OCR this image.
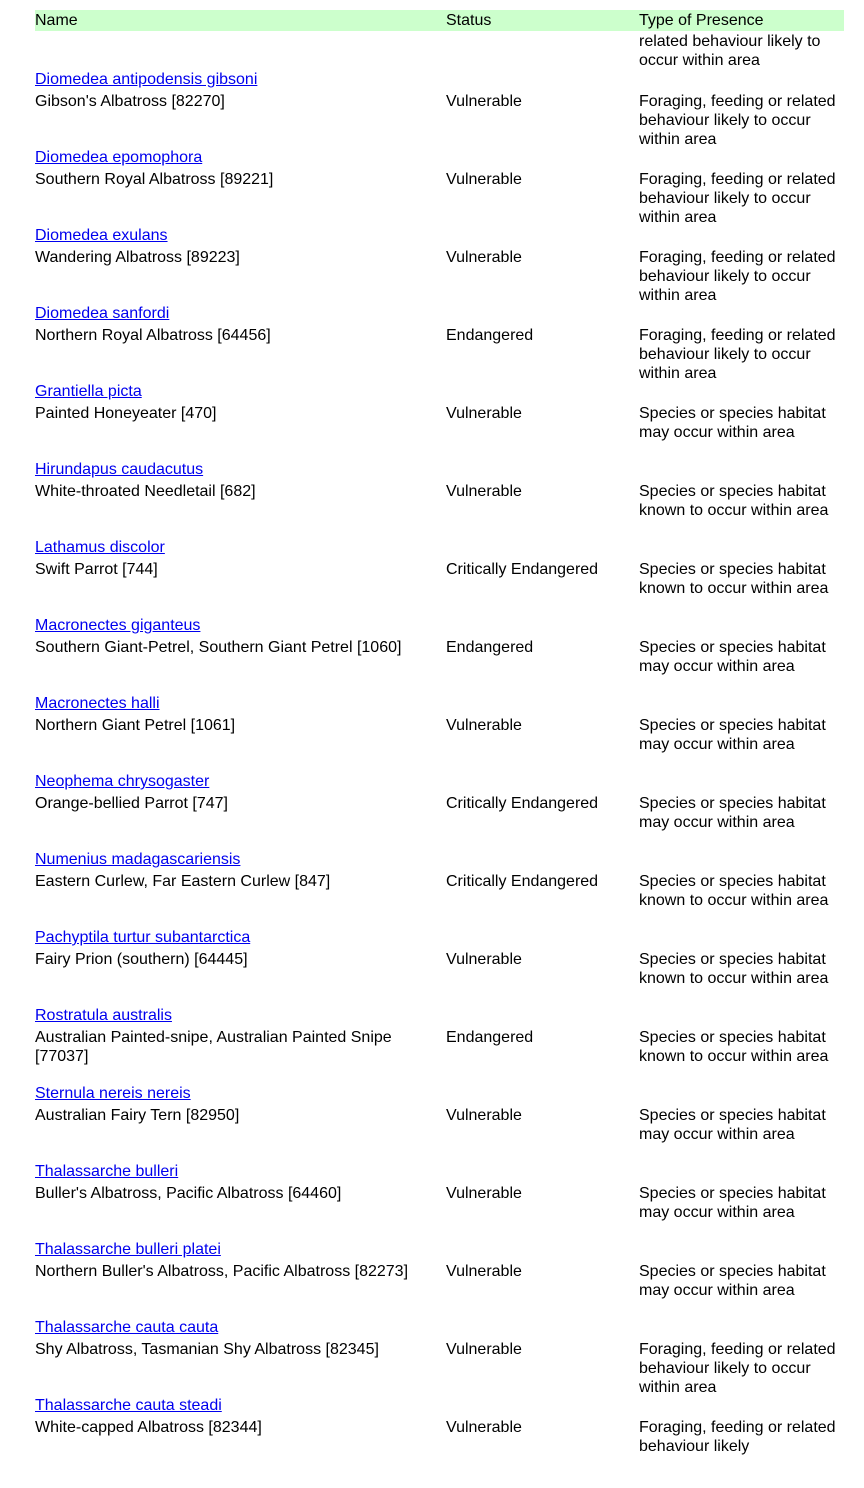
Name	Status	Type of Presence
related behaviour likely to occur within area
Diomedea antipodensis gibsoni
Gibson's Albatross [82270]	Vulnerable	Foraging, feeding or related behaviour likely to occur within area
Diomedea epomophora
Southern Royal Albatross [89221]	Vulnerable	Foraging, feeding or related behaviour likely to occur within area
Diomedea exulans
Wandering Albatross [89223]	Vulnerable	Foraging, feeding or related behaviour likely to occur within area
Diomedea sanfordi
Northern Royal Albatross [64456]	Endangered	Foraging, feeding or related behaviour likely to occur within area
Grantiella picta
Painted Honeyeater [470]	Vulnerable	Species or species habitat may occur within area
Hirundapus caudacutus
White-throated Needletail [682]	Vulnerable	Species or species habitat known to occur within area
Lathamus discolor
Swift Parrot [744]	Critically Endangered	Species or species habitat known to occur within area
Macronectes giganteus
Southern Giant-Petrel, Southern Giant Petrel [1060]	Endangered	Species or species habitat may occur within area
Macronectes halli
Northern Giant Petrel [1061]	Vulnerable	Species or species habitat may occur within area
Neophema chrysogaster
Orange-bellied Parrot [747]	Critically Endangered	Species or species habitat may occur within area
Numenius madagascariensis
Eastern Curlew, Far Eastern Curlew [847]	Critically Endangered	Species or species habitat known to occur within area
Pachyptila turtur subantarctica
Fairy Prion (southern) [64445]	Vulnerable	Species or species habitat known to occur within area
Rostratula australis
Australian Painted-snipe, Australian Painted Snipe [77037]
Endangered	Species or species habitat known to occur within area
Sternula nereis nereis
Australian Fairy Tern [82950]	Vulnerable	Species or species habitat may occur within area
Thalassarche bulleri
Buller's Albatross, Pacific Albatross [64460]	Vulnerable	Species or species habitat may occur within area
Thalassarche bulleri platei
Northern Buller's Albatross, Pacific Albatross [82273]	Vulnerable	Species or species habitat may occur within area
Thalassarche cauta cauta
Shy Albatross, Tasmanian Shy Albatross [82345]	Vulnerable	Foraging, feeding or related behaviour likely to occur within area
Thalassarche cauta steadi
White-capped Albatross [82344]	Vulnerable	Foraging, feeding or related behaviour likely
